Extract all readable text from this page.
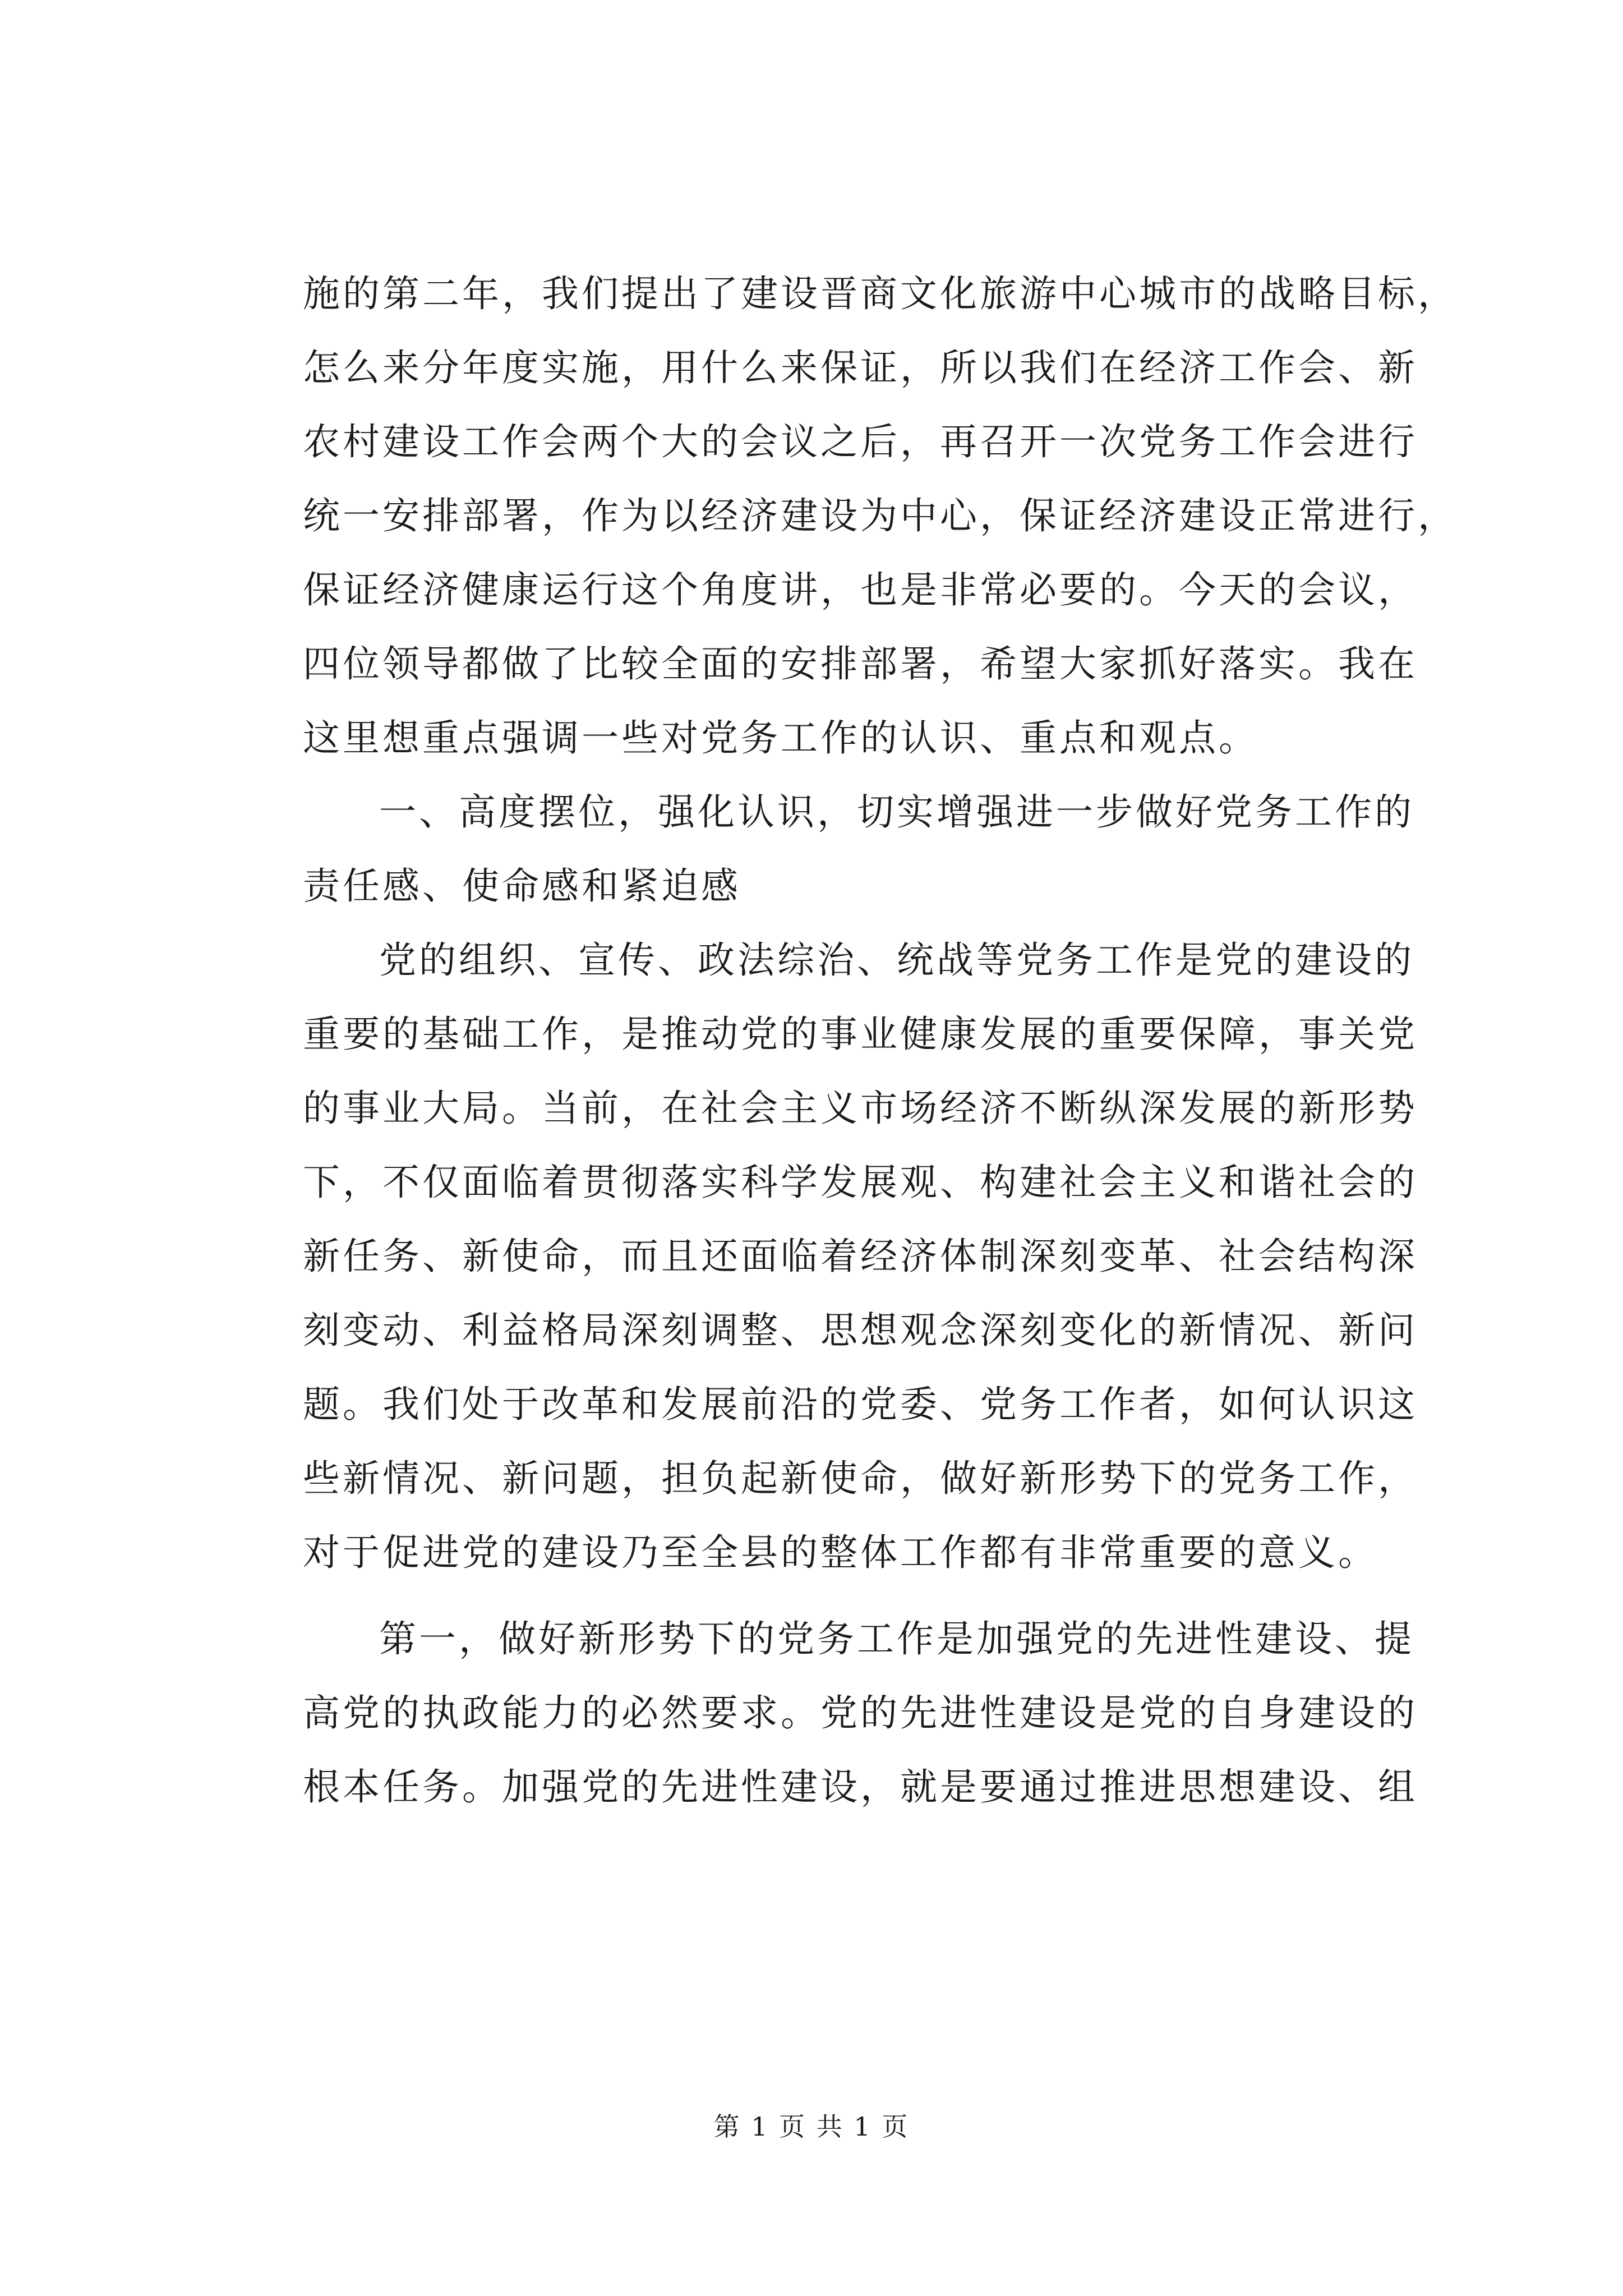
施的第二年，我们提出了建设晋商文化旅游中心城市的战略目标，
怎么来分年度实施，用什么来保证，所以我们在经济工作会、新
农村建设工作会两个大的会议之后，再召开一次党务工作会进行
统一安排部署，作为以经济建设为中心，保证经济建设正常进行，
保证经济健康运行这个角度讲，也是非常必要的。今天的会议，
四位领导都做了比较全面的安排部署，希望大家抓好落实。我在
这里想重点强调一些对党务工作的认识、重点和观点。
一、高度摆位，强化认识，切实增强进一步做好党务工作的
责任感、使命感和紧迫感
党的组织、宣传、政法综治、统战等党务工作是党的建设的
重要的基础工作，是推动党的事业健康发展的重要保障，事关党
的事业大局。当前，在社会主义市场经济不断纵深发展的新形势
下，不仅面临着贯彻落实科学发展观、构建社会主义和谐社会的
新任务、新使命，而且还面临着经济体制深刻变革、社会结构深
刻变动、利益格局深刻调整、思想观念深刻变化的新情况、新问
题。我们处于改革和发展前沿的党委、党务工作者，如何认识这
些新情况、新问题，担负起新使命，做好新形势下的党务工作，
对于促进党的建设乃至全县的整体工作都有非常重要的意义。
第一，做好新形势下的党务工作是加强党的先进性建设、提
高党的执政能力的必然要求。党的先进性建设是党的自身建设的
根本任务。加强党的先进性建设，就是要通过推进思想建设、组
第 1 页 共 1 页
